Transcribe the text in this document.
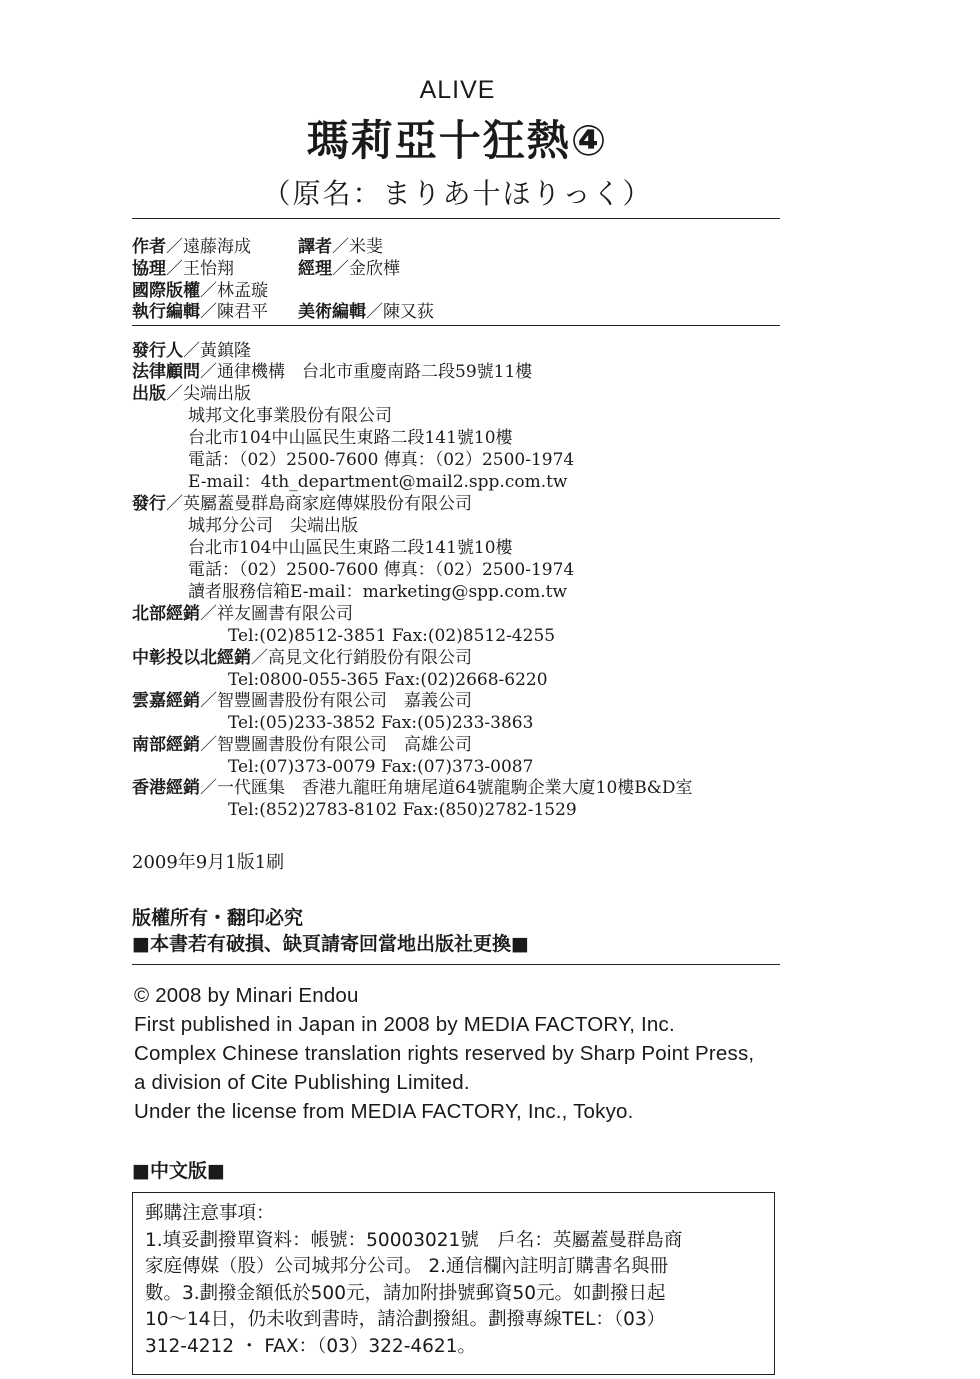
ALIVE
瑪莉亞十狂熱④
（原名：まりあ十ほりっく）
作者／遠藤海成	譯者／米斐
協理／王怡翔	經理／金欣樺
國際版權／林孟璇
執行編輯／陳君平 美術編輯／陳又荻
發行人／黃鎮隆
法律顧問／通律機構　台北市重慶南路二段59號11樓
出版／尖端出版
城邦文化事業股份有限公司
台北市104中山區民生東路二段141號10樓
電話：（02）2500-7600 傳真：（02）2500-1974
E-mail：4th_department@mail2.spp.com.tw
發行／英屬蓋曼群島商家庭傳媒股份有限公司
城邦分公司　尖端出版
台北市104中山區民生東路二段141號10樓
電話：（02）2500-7600 傳真：（02）2500-1974
讀者服務信箱E-mail：marketing@spp.com.tw
北部經銷／祥友圖書有限公司
Tel:(02)8512-3851 Fax:(02)8512-4255
中彰投以北經銷／高見文化行銷股份有限公司
Tel:0800-055-365 Fax:(02)2668-6220
雲嘉經銷／智豐圖書股份有限公司　嘉義公司
Tel:(05)233-3852 Fax:(05)233-3863
南部經銷／智豐圖書股份有限公司　高雄公司
Tel:(07)373-0079 Fax:(07)373-0087
香港經銷／一代匯集　香港九龍旺角塘尾道64號龍駒企業大廈10樓B&D室
Tel:(852)2783-8102 Fax:(850)2782-1529
2009年9月1版1刷
版權所有・翻印必究
■本書若有破損、缺頁請寄回當地出版社更換■
© 2008 by Minari Endou
First published in Japan in 2008 by MEDIA FACTORY, Inc.
Complex Chinese translation rights reserved by Sharp Point Press,
a division of Cite Publishing Limited.
Under the license from MEDIA FACTORY, Inc., Tokyo.
■中文版■
郵購注意事項：
1.填妥劃撥單資料：帳號：50003021號　戶名：英屬蓋曼群島商
家庭傳媒（股）公司城邦分公司。 2.通信欄內註明訂購書名與冊
數。3.劃撥金額低於500元，請加附掛號郵資50元。如劃撥日起
10～14日，仍未收到書時，請洽劃撥組。劃撥專線TEL：（03）
312-4212 ・ FAX：（03）322-4621。
